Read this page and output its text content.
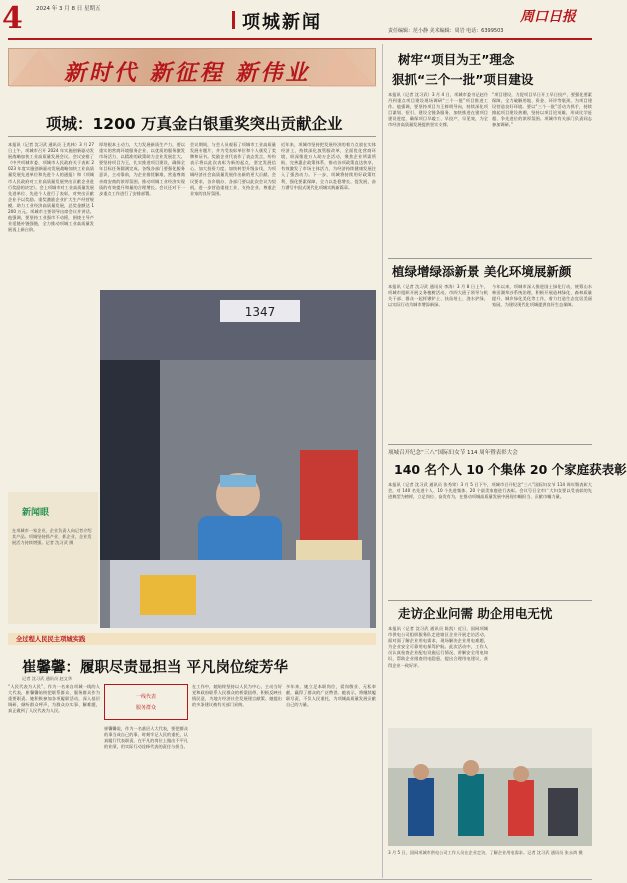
4	2024 年 3 月 8 日 星期五
项城新闻	责任编辑：范小静 美术编辑：周岩 电话：6399503
周口日报
新时代 新征程 新伟业
项城：1200 万真金白银重奖突出贡献企业
本报讯（记者 沈习武 通讯员 王兆林）3 月 27 日上午，项城市召开 2024 年实施创新驱动发展战略加快工业高质量发展会议。会议安排了《中共项城市委、项城市人民政府关于表彰 2023 年度实施创新驱动发展战略加快工业高质量发展先进单位和先进个人的通报》和《项城市人民政府对工业高质量发展突出贡献企业进行奖励的决定》。会上项城市对工业高质量发展先进单位、先进个人进行了表彰，对突出贡献企业予以奖励。重奖激励企业扩大生产经营规模，助力工业经济高质量发展，总奖金额达 1200 万元。项城市主要领导出席会议并讲话。他强调，要坚持工业强市不动摇，围绕主导产业延链补链强链，全力推动项城工业高质量发展再上新台阶。
厚培根本土动力，大力发展新质生产力，要以重实的营商环境服务企业、以优质的服务激发市场活力、以精准的政策助力企业发展壮大。要坚持项目为王，扎实推进项目建设，确保全年目标任务圆满完成。各级各部门要强化服务意识，主动靠前，为企业排忧解难，营造尊商亲商安商的浓厚氛围，推动项城工业经济实现质的有效提升和量的合理增长。会议还对下一步重点工作进行了安排部署。
会议期间，与会人员观看了项城市工业高质量发展专题片，并为受表彰单位和个人颁发了奖牌和证书。奖励企业代表作了表态发言，纷纷表示将以此次表彰为新的起点，坚定发展信心，加大投资力度，加快转型升级步伐，为项城经济社会高质量发展作出新的更大贡献。会议要求，各乡镇办、各部门要以此次会议为契机，进一步营造重视工业、支持企业、尊重企业家的良好氛围。
近年来，项城市坚持把发展经济的着力点放在实体经济上，持续深化放管服改革，全面优化营商环境，纵深推进万人助万企活动，聚焦企业所需所盼，完善惠企政策体系，推动各项政策直达快享，有效激发了市场主体活力，为经济持续健康发展注入了强劲动力。下一步，项城将持续用好政策红利，强化要素保障，全力以赴稳增长、促发展，奋力谱写中国式现代化项城实践新篇章。
新闻眼
在项城市一家企业，企业负责人向记者介绍其产品。项城坚持抓产业、抓企业，企业发展活力持续增强。记者 沈习武 摄
1347
全过程人民民主项城实践
崔馨馨：履职尽责显担当 平凡岗位绽芳华
记者 沈习武 通讯员 赵文华
“人民代表为人民”，作为一名来自项城一线的人大代表，崔馨馨始终把联系群众、服务群众作为重要职责。她积极参加各项履职活动，深入基层调研，倾听群众呼声，为群众办实事、解难题，真正做到了人民代表为人民。
一线代表
服务群众
崔馨馨说，作为一名基层人大代表，要把群众的事当成自己的事，时刻牢记人民的重托，认真履行代表职责，在平凡的岗位上做出不平凡的业绩，用实际行动诠释代表的责任与担当。
在工作中，她始终坚持以人民为中心，主动当好党和政府联系人民群众的桥梁纽带，积极反映社情民意，为地方经济社会发展建言献策。她提出的多条建议被有关部门采纳。
多年来，她立足本职岗位，爱岗敬业、无私奉献，赢得了群众的广泛赞誉。她表示，将继续履职尽责，不负人民重托，为项城高质量发展贡献自己的力量。
树牢“项目为王”理念
狠抓“三个一批”项目建设
本报讯（记者 沈习武）3 月 4 日，项城市委书记赵丹丹到重点项目建设现场调研“三个一批”项目推进工作。他强调，要坚持项目为王鲜明导向，持续深化项目谋划、招引、建设全链条服务，加快推进在建项目建设进度，确保项目早竣工、早投产、早见效，为全市经济高质量发展提供坚实支撑。
“项目建设，力促项目早日开工早日投产，要强化要素保障，全力破解用地、资金、环评等瓶颈，为项目建设营造良好环境。要以“三个一批”活动为抓手，持续掀起项目建设热潮，坚持以项目论英雄，形成比学赶超、争先进位的浓厚氛围。项城市有关部门负责同志参加调研。”
植绿增绿添新景 美化环境展新颜
本报讯（记者 沈习武 通讯员 李涛）3 月 8 日上午，项城市组织开展义务植树活动。市四大班子领导与机关干部、群众一起挥锹铲土、扶苗培土、浇水护绿，以实际行动为城市增添新绿。
今年以来，项城市深入推进国土绿化行动，统筹山水林田湖草沙系统治理，积极开展造林绿化、森林质量提升、城乡绿化美化等工作，着力打造生态宜居美丽家园，为建设现代化项城提供良好生态保障。
项城召开纪念“三八”国际妇女节 114 周年暨表彰大会
140 名个人 10 个集体 20 个家庭获表彰
本报讯（记者 沈习武 通讯员 张秀荣）3 月 5 日下午，项城市召开纪念“三八”国际妇女节 114 周年暨表彰大会，对 140 名先进个人、10 个先进集体、20 个最美家庭进行表彰。会议号召全市广大妇女要以受表彰的先进典型为榜样，立足岗位、奋发有为，在推动项城高质量发展中展现巾帼担当、贡献巾帼力量。
走访企业问需 助企用电无忧
本报讯（记者 沈习武 通讯员 陈凯）近日，国网项城市供电公司组织服务队走进辖区企业开展走访活动，面对面了解企业用电需求，现场解决企业用电难题，为企业安全可靠用电保驾护航。此次活动中，工作人员认真检查企业配电设施运行情况，讲解安全用电知识，帮助企业排查用电隐患，提出合理用电建议，获得企业一致好评。
3 月 5 日，国网项城市供电公司工作人员在企业走访，了解企业用电需求。记者 沈习武 通讯员 张永鸿 摄
